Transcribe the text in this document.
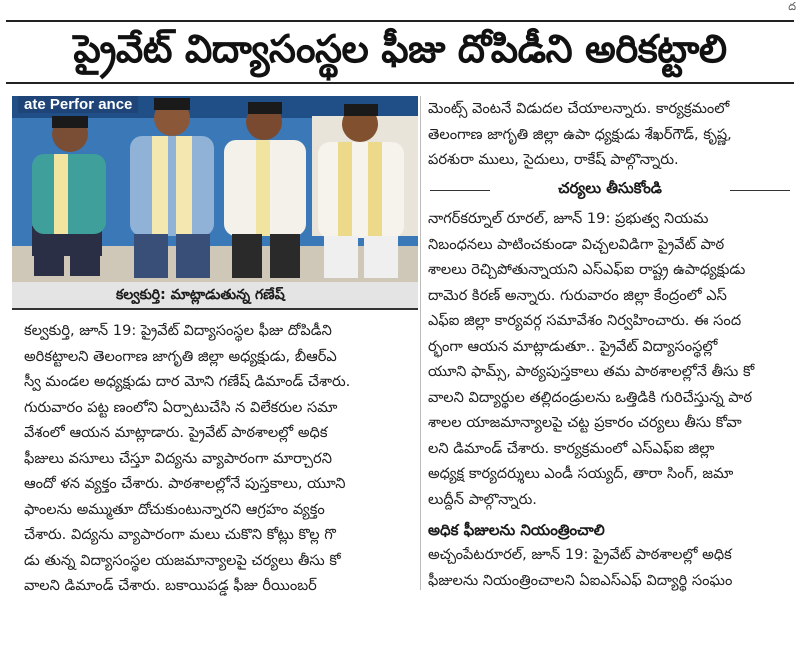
ద
ప్రైవేట్ విద్యాసంస్థల ఫీజు దోపిడీని అరికట్టాలి
ate Perfor ance
కల్వకుర్తి: మాట్లాడుతున్న గణేష్
కల్వకుర్తి, జూన్ 19: ప్రైవేట్ విద్యాసంస్థల ఫీజు దోపిడీని
అరికట్టాలని తెలంగాణ జాగృతి జిల్లా అధ్యక్షుడు, బీఆర్ఎ
స్వీ మండల అధ్యక్షుడు దార మోని గణేష్ డిమాండ్ చేశారు.
గురువారం పట్ట ణంలోని ఏర్పాటుచేసి న విలేకరుల సమా
వేశంలో ఆయన మాట్లాడారు. ప్రైవేట్ పాఠశాలల్లో అధిక
ఫీజులు వసూలు చేస్తూ విద్యను వ్యాపారంగా మార్చారని
ఆందో ళన వ్యక్తం చేశారు. పాఠశాలల్లోనే పుస్తకాలు, యూని
ఫాంలను అమ్ముతూ దోచుకుంటున్నారని ఆగ్రహం వ్యక్తం
చేశారు. విద్యను వ్యాపారంగా మలు చుకొని కోట్లు కొల్ల గొ
డు తున్న విద్యాసంస్థల యజమాన్యాలపై చర్యలు తీసు కో
వాలని డిమాండ్ చేశారు. బకాయిపడ్డ ఫీజు రీయింబర్
మెంట్స్ వెంటనే విడుదల చేయాలన్నారు. కార్యక్రమంలో
తెలంగాణ జాగృతి జిల్లా ఉపా ధ్యక్షుడు శేఖర్‌గౌడ్, కృష్ణ,
పరశురా ములు, సైదులు, రాకేష్ పాల్గొన్నారు.
చర్యలు తీసుకోండి
నాగర్‌కర్నూల్ రూరల్, జూన్ 19: ప్రభుత్వ నియమ
నిబంధనలు పాటించకుండా విచ్చలవిడిగా ప్రైవేట్ పాఠ
శాలలు రెచ్చిపోతున్నాయని ఎస్ఎఫ్ఐ రాష్ట్ర ఉపాధ్యక్షుడు
దామెర కిరణ్ అన్నారు. గురువారం జిల్లా కేంద్రంలో ఎస్
ఎఫ్ఐ జిల్లా కార్యవర్గ సమావేశం నిర్వహించారు. ఈ సంద
ర్భంగా ఆయన మాట్లాడుతూ.. ప్రైవేట్ విద్యాసంస్థల్లో
యూని ఫామ్స్, పాఠ్యపుస్తకాలు తమ పాఠశాలల్లోనే తీసు కో
వాలని విద్యార్థుల తల్లిదండ్రులను ఒత్తిడికి గురిచేస్తున్న పాఠ
శాలల యాజమాన్యాలపై చట్ట ప్రకారం చర్యలు తీసు కోవా
లని డిమాండ్ చేశారు. కార్యక్రమంలో ఎస్ఎఫ్ఐ జిల్లా
అధ్యక్ష కార్యదర్శులు ఎండీ సయ్యద్, తారా సింగ్, జమా
లుద్దీన్ పాల్గొన్నారు.
అధిక ఫీజులను నియంత్రించాలి
అచ్చంపేటరూరల్, జూన్ 19: ప్రైవేట్ పాఠశాలల్లో అధిక
ఫీజులను నియంత్రించాలని ఏఐఎస్ఎఫ్ విద్యార్థి సంఘం
